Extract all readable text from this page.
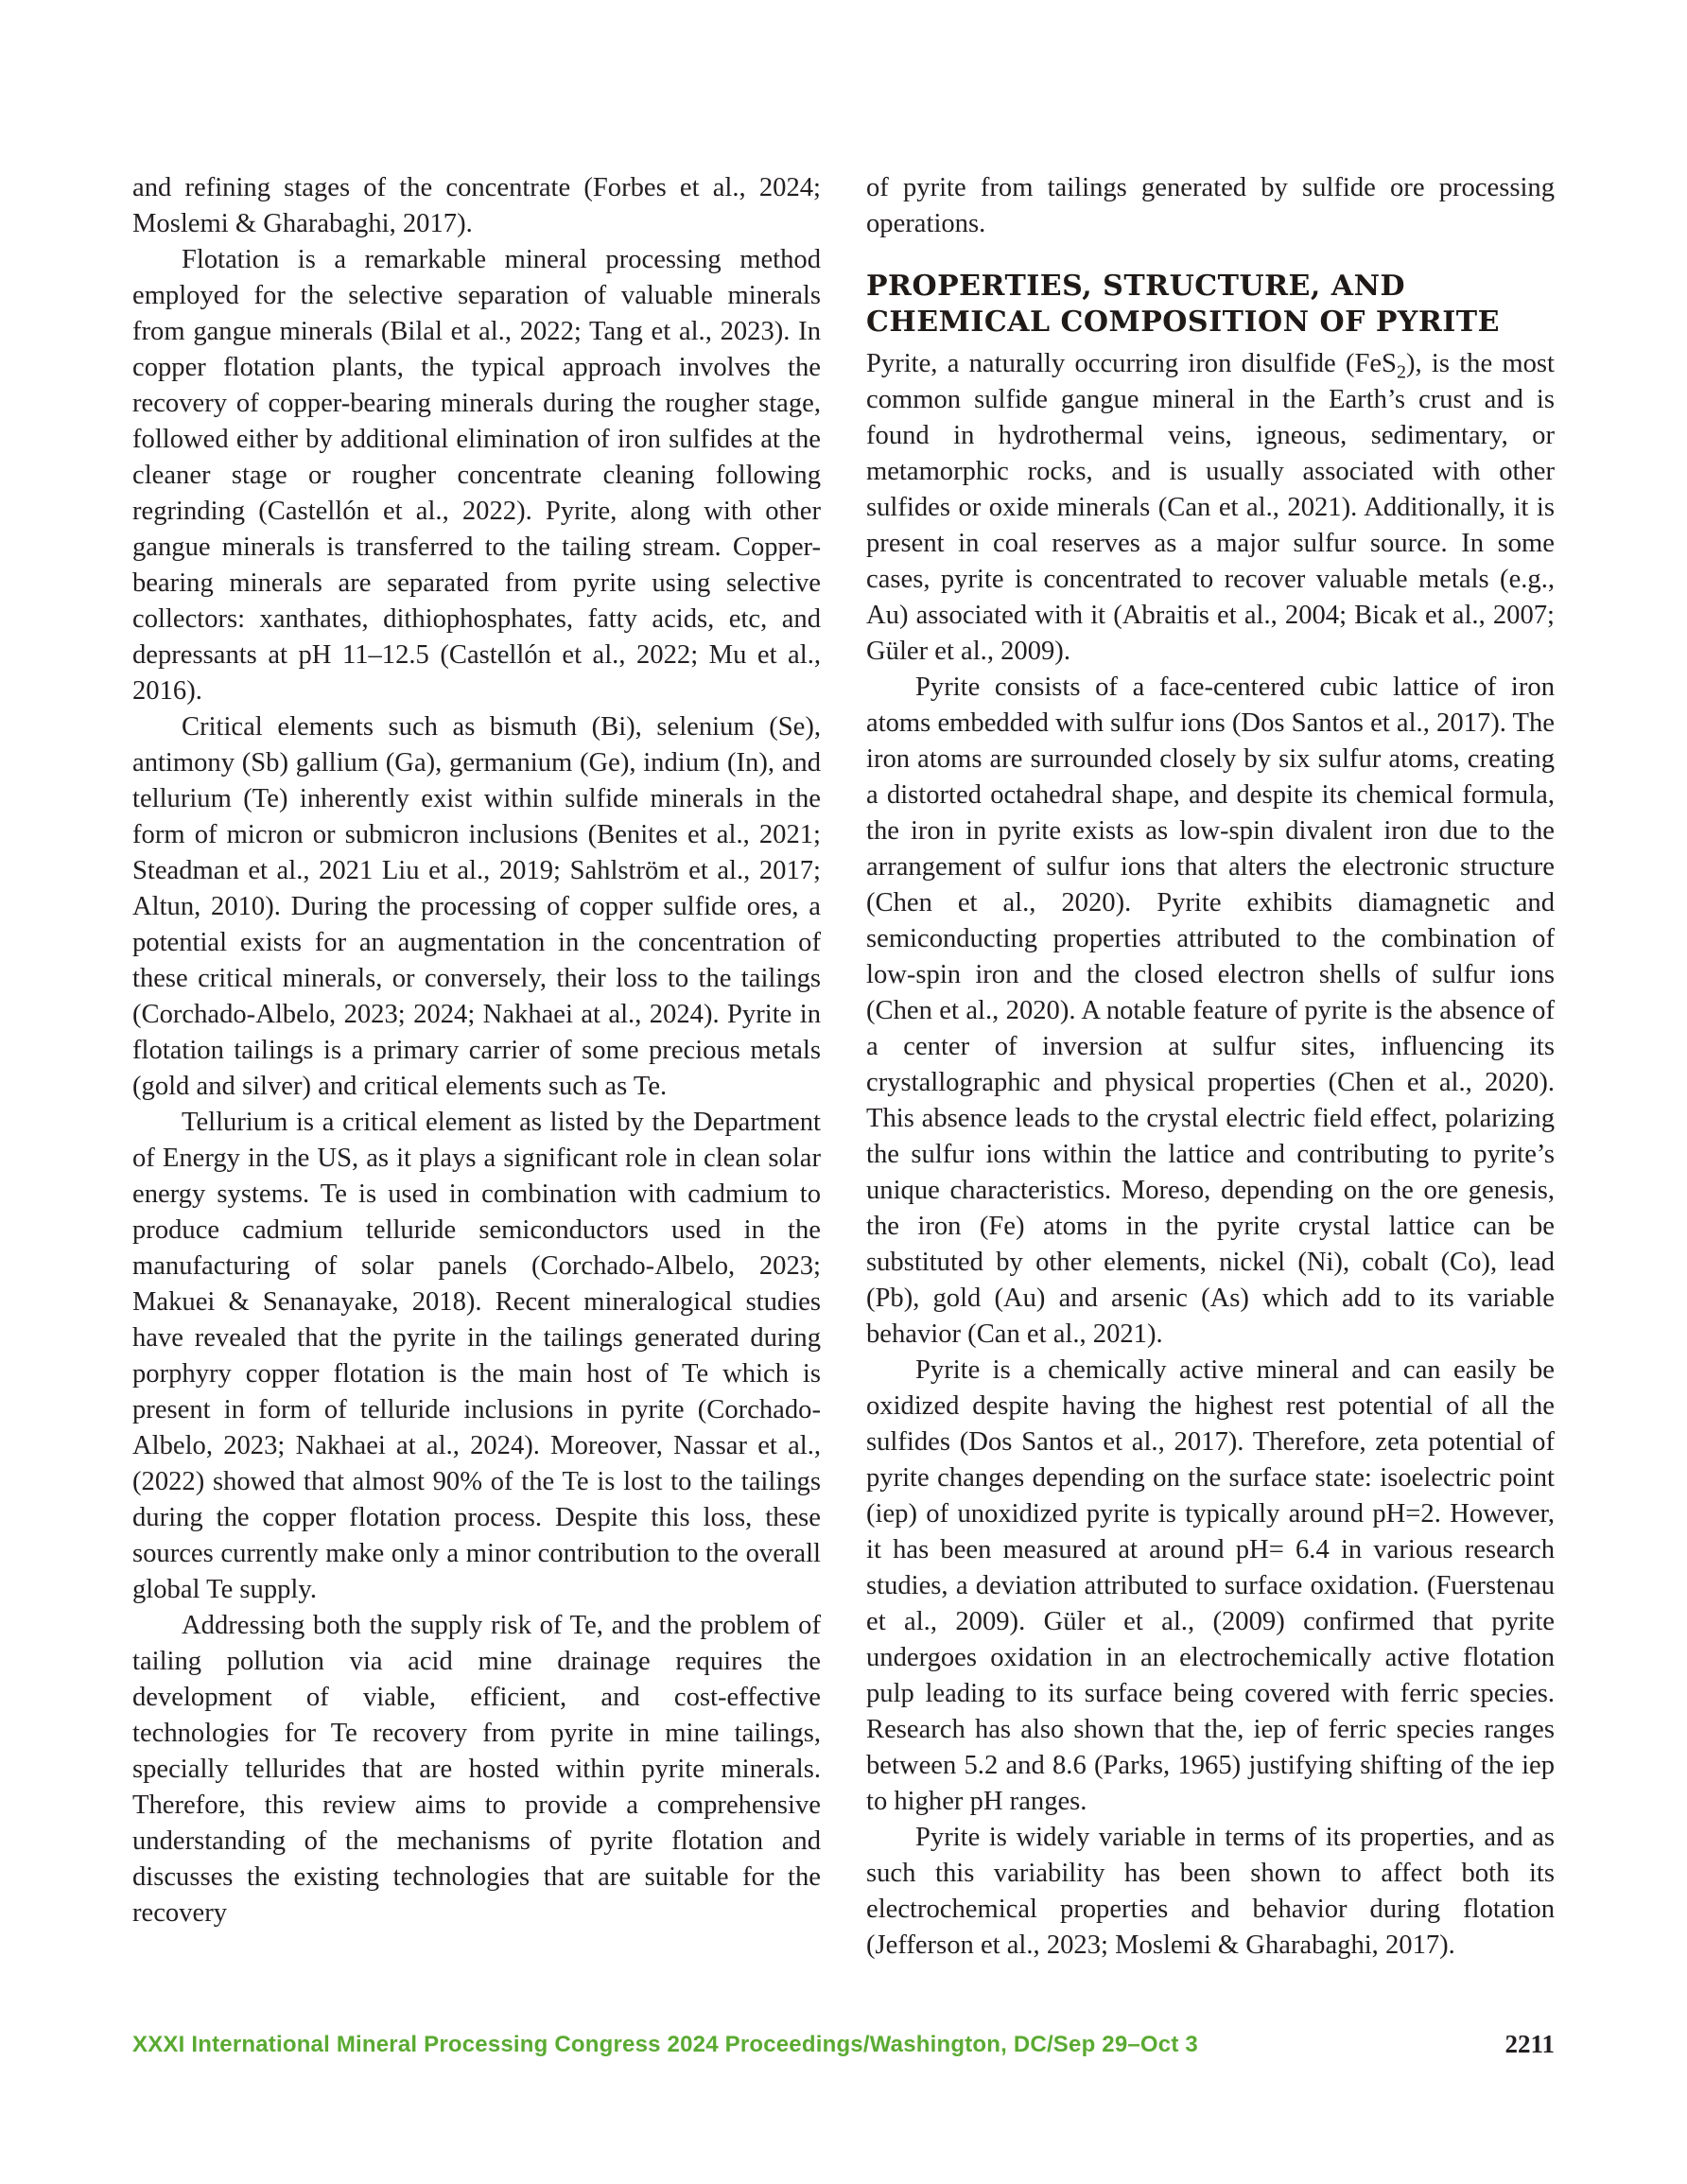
and refining stages of the concentrate (Forbes et al., 2024; Moslemi & Gharabaghi, 2017).

Flotation is a remarkable mineral processing method employed for the selective separation of valuable minerals from gangue minerals (Bilal et al., 2022; Tang et al., 2023). In copper flotation plants, the typical approach involves the recovery of copper-bearing minerals during the rougher stage, followed either by additional elimination of iron sulfides at the cleaner stage or rougher concentrate cleaning following regrinding (Castellón et al., 2022). Pyrite, along with other gangue minerals is transferred to the tailing stream. Copper-bearing minerals are separated from pyrite using selective collectors: xanthates, dithiophosphates, fatty acids, etc, and depressants at pH 11–12.5 (Castellón et al., 2022; Mu et al., 2016).

Critical elements such as bismuth (Bi), selenium (Se), antimony (Sb) gallium (Ga), germanium (Ge), indium (In), and tellurium (Te) inherently exist within sulfide minerals in the form of micron or submicron inclusions (Benites et al., 2021; Steadman et al., 2021 Liu et al., 2019; Sahlström et al., 2017; Altun, 2010). During the processing of copper sulfide ores, a potential exists for an augmentation in the concentration of these critical minerals, or conversely, their loss to the tailings (Corchado-Albelo, 2023; 2024; Nakhaei at al., 2024). Pyrite in flotation tailings is a primary carrier of some precious metals (gold and silver) and critical elements such as Te.

Tellurium is a critical element as listed by the Department of Energy in the US, as it plays a significant role in clean solar energy systems. Te is used in combination with cadmium to produce cadmium telluride semiconductors used in the manufacturing of solar panels (Corchado-Albelo, 2023; Makuei & Senanayake, 2018). Recent mineralogical studies have revealed that the pyrite in the tailings generated during porphyry copper flotation is the main host of Te which is present in form of telluride inclusions in pyrite (Corchado-Albelo, 2023; Nakhaei at al., 2024). Moreover, Nassar et al., (2022) showed that almost 90% of the Te is lost to the tailings during the copper flotation process. Despite this loss, these sources currently make only a minor contribution to the overall global Te supply.

Addressing both the supply risk of Te, and the problem of tailing pollution via acid mine drainage requires the development of viable, efficient, and cost-effective technologies for Te recovery from pyrite in mine tailings, specially tellurides that are hosted within pyrite minerals. Therefore, this review aims to provide a comprehensive understanding of the mechanisms of pyrite flotation and discusses the existing technologies that are suitable for the recovery

of pyrite from tailings generated by sulfide ore processing operations.

PROPERTIES, STRUCTURE, AND
CHEMICAL COMPOSITION OF PYRITE

Pyrite, a naturally occurring iron disulfide (FeS$_2$), is the most common sulfide gangue mineral in the Earth’s crust and is found in hydrothermal veins, igneous, sedimentary, or metamorphic rocks, and is usually associated with other sulfides or oxide minerals (Can et al., 2021). Additionally, it is present in coal reserves as a major sulfur source. In some cases, pyrite is concentrated to recover valuable metals (e.g., Au) associated with it (Abraitis et al., 2004; Bicak et al., 2007; Güler et al., 2009).

Pyrite consists of a face-centered cubic lattice of iron atoms embedded with sulfur ions (Dos Santos et al., 2017). The iron atoms are surrounded closely by six sulfur atoms, creating a distorted octahedral shape, and despite its chemical formula, the iron in pyrite exists as low-spin divalent iron due to the arrangement of sulfur ions that alters the electronic structure (Chen et al., 2020). Pyrite exhibits diamagnetic and semiconducting properties attributed to the combination of low-spin iron and the closed electron shells of sulfur ions (Chen et al., 2020). A notable feature of pyrite is the absence of a center of inversion at sulfur sites, influencing its crystallographic and physical properties (Chen et al., 2020). This absence leads to the crystal electric field effect, polarizing the sulfur ions within the lattice and contributing to pyrite’s unique characteristics. Moreso, depending on the ore genesis, the iron (Fe) atoms in the pyrite crystal lattice can be substituted by other elements, nickel (Ni), cobalt (Co), lead (Pb), gold (Au) and arsenic (As) which add to its variable behavior (Can et al., 2021).

Pyrite is a chemically active mineral and can easily be oxidized despite having the highest rest potential of all the sulfides (Dos Santos et al., 2017). Therefore, zeta potential of pyrite changes depending on the surface state: isoelectric point (iep) of unoxidized pyrite is typically around pH=2. However, it has been measured at around pH= 6.4 in various research studies, a deviation attributed to surface oxidation. (Fuerstenau et al., 2009). Güler et al., (2009) confirmed that pyrite undergoes oxidation in an electrochemically active flotation pulp leading to its surface being covered with ferric species. Research has also shown that the, iep of ferric species ranges between 5.2 and 8.6 (Parks, 1965) justifying shifting of the iep to higher pH ranges.

Pyrite is widely variable in terms of its properties, and as such this variability has been shown to affect both its electrochemical properties and behavior during flotation (Jefferson et al., 2023; Moslemi & Gharabaghi, 2017).

XXXI International Mineral Processing Congress 2024 Proceedings/Washington, DC/Sep 29–Oct 3	2211
